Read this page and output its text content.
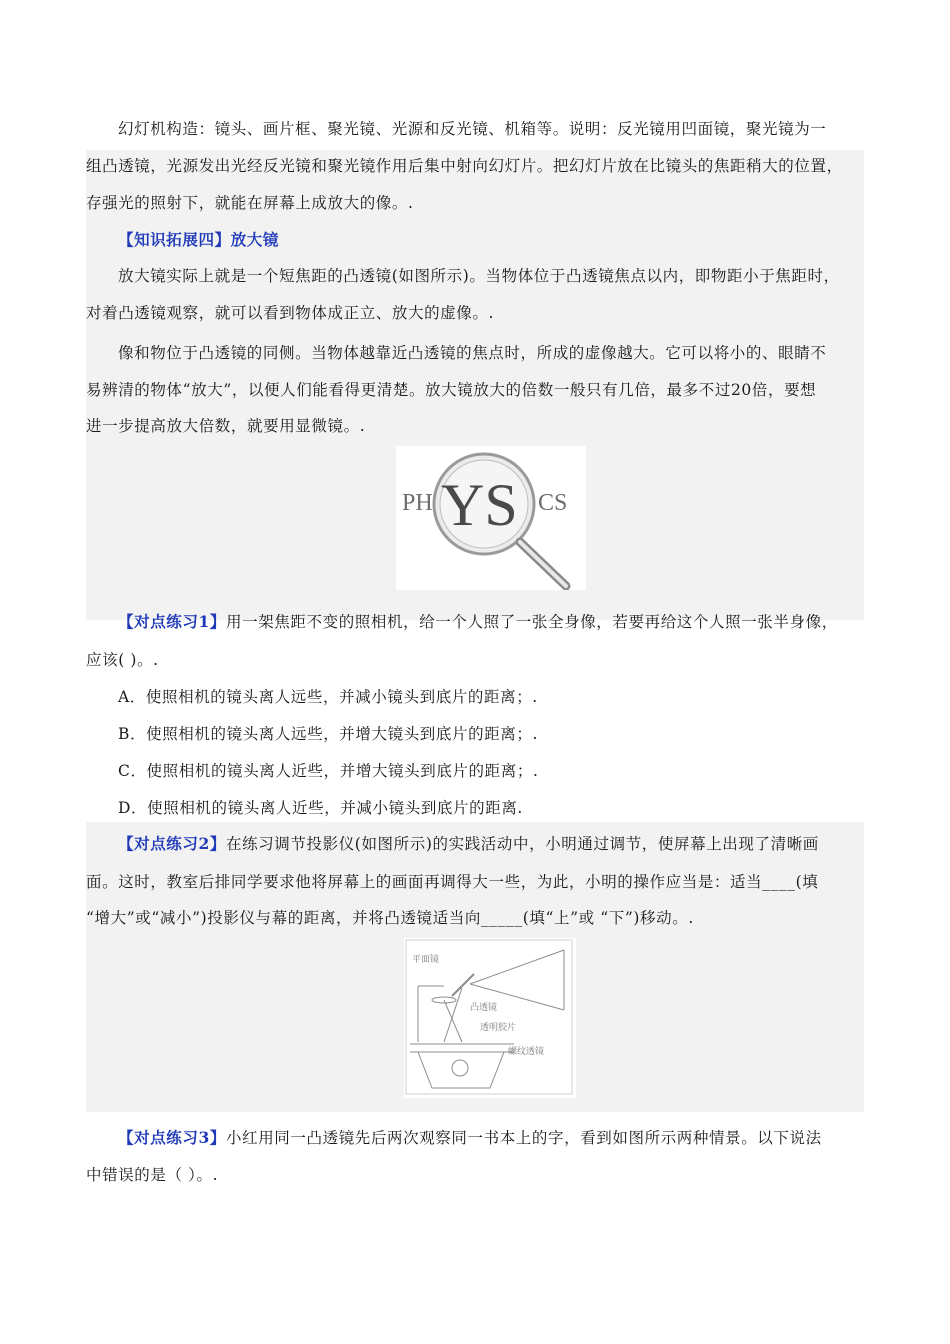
幻灯机构造：镜头、画片框、聚光镜、光源和反光镜、机箱等。说明：反光镜用凹面镜，聚光镜为一
组凸透镜，光源发出光经反光镜和聚光镜作用后集中射向幻灯片。把幻灯片放在比镜头的焦距稍大的位置，
存强光的照射下，就能在屏幕上成放大的像。.
【知识拓展四】放大镜
放大镜实际上就是一个短焦距的凸透镜(如图所示)。当物体位于凸透镜焦点以内，即物距小于焦距时，
对着凸透镜观察，就可以看到物体成正立、放大的虚像。.
像和物位于凸透镜的同侧。当物体越靠近凸透镜的焦点时，所成的虚像越大。它可以将小的、眼睛不
易辨清的物体“放大”，以便人们能看得更清楚。放大镜放大的倍数一般只有几倍，最多不过20倍，要想
进一步提高放大倍数，就要用显微镜。.
PH YS CS
【对点练习1】用一架焦距不变的照相机，给一个人照了一张全身像，若要再给这个人照一张半身像，
应该( )。.
A．使照相机的镜头离人远些，并减小镜头到底片的距离；.
B．使照相机的镜头离人远些，并增大镜头到底片的距离；.
C．使照相机的镜头离人近些，并增大镜头到底片的距离；.
D．使照相机的镜头离人近些，并减小镜头到底片的距离.
【对点练习2】在练习调节投影仪(如图所示)的实践活动中，小明通过调节，使屏幕上出现了清晰画
面。这时，教室后排同学要求他将屏幕上的画面再调得大一些，为此，小明的操作应当是：适当____(填
“增大”或“减小”)投影仪与幕的距离，并将凸透镜适当向_____(填“上”或 “下”)移动。.
平面镜
凸透镜
透明胶片
螺纹透镜
【对点练习3】小红用同一凸透镜先后两次观察同一书本上的字，看到如图所示两种情景。以下说法
中错误的是（ ）。.
